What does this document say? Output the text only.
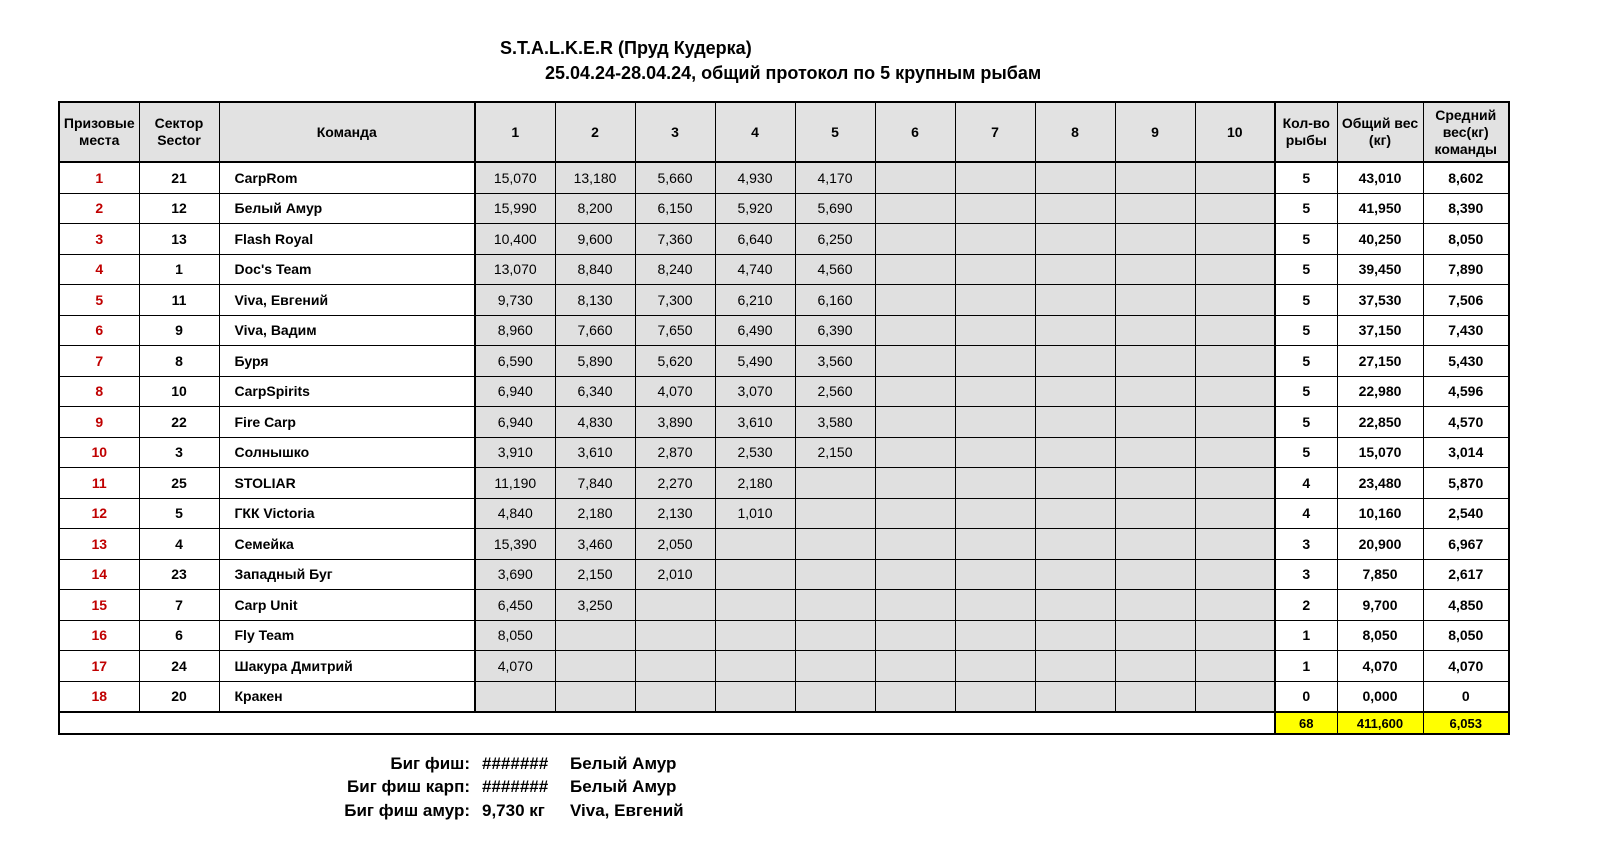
S.T.A.L.K.E.R (Пруд Кудерка)
25.04.24-28.04.24, общий протокол по 5 крупным рыбам
Призовые места	Сектор Sector	Команда	1	2	3	4	5	6	7	8	9	10	Кол-во рыбы	Общий вес (кг)	Средний вес(кг) команды
1	21	CarpRom	15,070	13,180	5,660	4,930	4,170						5	43,010	8,602
2	12	Белый Амур	15,990	8,200	6,150	5,920	5,690						5	41,950	8,390
3	13	Flash Royal	10,400	9,600	7,360	6,640	6,250						5	40,250	8,050
4	1	Doc's Team	13,070	8,840	8,240	4,740	4,560						5	39,450	7,890
5	11	Viva, Евгений	9,730	8,130	7,300	6,210	6,160						5	37,530	7,506
6	9	Viva, Вадим	8,960	7,660	7,650	6,490	6,390						5	37,150	7,430
7	8	Буря	6,590	5,890	5,620	5,490	3,560						5	27,150	5,430
8	10	CarpSpirits	6,940	6,340	4,070	3,070	2,560						5	22,980	4,596
9	22	Fire Carp	6,940	4,830	3,890	3,610	3,580						5	22,850	4,570
10	3	Солнышко	3,910	3,610	2,870	2,530	2,150						5	15,070	3,014
11	25	STOLIAR	11,190	7,840	2,270	2,180							4	23,480	5,870
12	5	ГКК Victoria	4,840	2,180	2,130	1,010							4	10,160	2,540
13	4	Семейка	15,390	3,460	2,050								3	20,900	6,967
14	23	Западный Буг	3,690	2,150	2,010								3	7,850	2,617
15	7	Carp Unit	6,450	3,250									2	9,700	4,850
16	6	Fly Team	8,050										1	8,050	8,050
17	24	Шакура Дмитрий	4,070										1	4,070	4,070
18	20	Кракен											0	0,000	0
													68	411,600	6,053
Биг фиш: ####### Белый Амур
Биг фиш карп: ####### Белый Амур
Биг фиш амур: 9,730 кг Viva, Евгений
